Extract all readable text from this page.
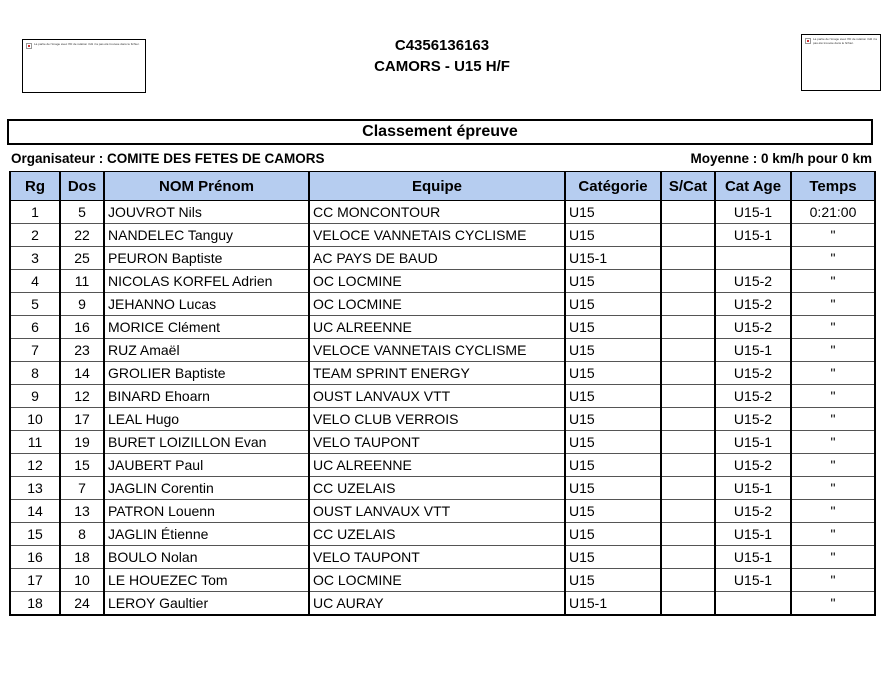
La partie de l'image avec l'ID de relation rId1 n'a pas été trouvée dans le fichier.
La partie de l'image avec l'ID de relation rId2 n'a pas été trouvée dans le fichier.
C4356136163
CAMORS - U15 H/F
Classement épreuve
Organisateur : COMITE DES FETES DE CAMORS	Moyenne : 0 km/h pour 0 km
Rg	Dos	NOM Prénom	Equipe	Catégorie	S/Cat	Cat Age	Temps
1	5	JOUVROT Nils	CC MONCONTOUR	U15		U15-1	0:21:00
2	22	NANDELEC Tanguy	VELOCE VANNETAIS CYCLISME	U15		U15-1	"
3	25	PEURON Baptiste	AC PAYS DE BAUD	U15-1			"
4	11	NICOLAS KORFEL Adrien	OC LOCMINE	U15		U15-2	"
5	9	JEHANNO Lucas	OC LOCMINE	U15		U15-2	"
6	16	MORICE Clément	UC ALREENNE	U15		U15-2	"
7	23	RUZ Amaël	VELOCE VANNETAIS CYCLISME	U15		U15-1	"
8	14	GROLIER Baptiste	TEAM SPRINT ENERGY	U15		U15-2	"
9	12	BINARD Ehoarn	OUST LANVAUX VTT	U15		U15-2	"
10	17	LEAL Hugo	VELO CLUB VERROIS	U15		U15-2	"
11	19	BURET LOIZILLON Evan	VELO TAUPONT	U15		U15-1	"
12	15	JAUBERT Paul	UC ALREENNE	U15		U15-2	"
13	7	JAGLIN Corentin	CC UZELAIS	U15		U15-1	"
14	13	PATRON Louenn	OUST LANVAUX VTT	U15		U15-2	"
15	8	JAGLIN Étienne	CC UZELAIS	U15		U15-1	"
16	18	BOULO Nolan	VELO TAUPONT	U15		U15-1	"
17	10	LE HOUEZEC Tom	OC LOCMINE	U15		U15-1	"
18	24	LEROY Gaultier	UC AURAY	U15-1			"
